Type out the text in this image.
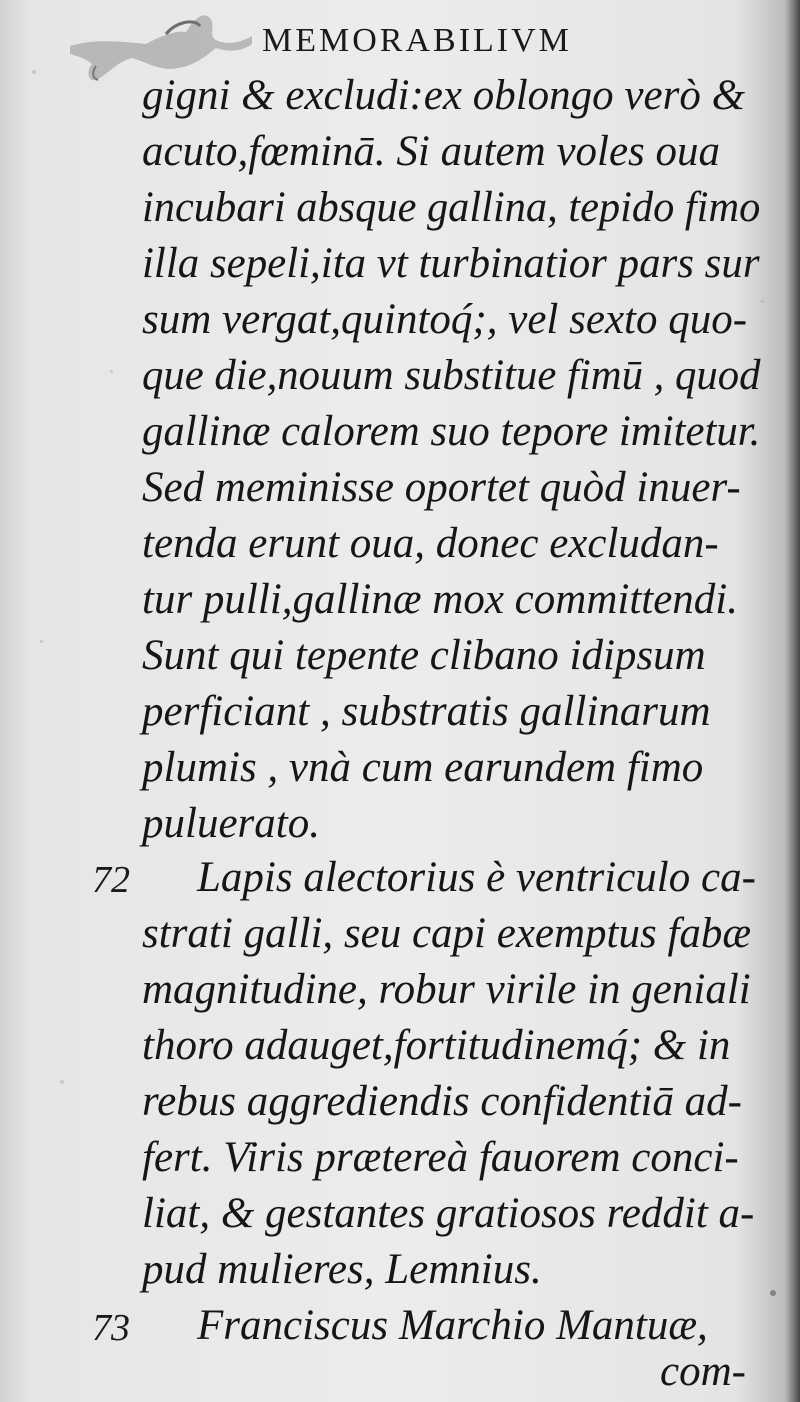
MEMORABILIVM
gigni & excludi:ex oblongo verò &
acuto,fœminā. Si autem voles oua
incubari absque gallina, tepido fimo
illa sepeli,ita vt turbinatior pars sur
sum vergat,quintoq́;, vel sexto quo-
que die,nouum substitue fimū , quod
gallinæ calorem suo tepore imitetur.
Sed meminisse oportet quòd inuer-
tenda erunt oua, donec excludan-
tur pulli,gallinæ mox committendi.
Sunt qui tepente clibano idipsum
perficiant , substratis gallinarum
plumis , vnà cum earundem fimo
puluerato.
72 Lapis alectorius è ventriculo ca-
strati galli, seu capi exemptus fabæ
magnitudine, robur virile in geniali
thoro adauget,fortitudinemq́; & in
rebus aggrediendis confidentiā ad-
fert. Viris prætereà fauorem conci-
liat, & gestantes gratiosos reddit a-
pud mulieres, Lemnius.
73 Franciscus Marchio Mantuæ,
com-
